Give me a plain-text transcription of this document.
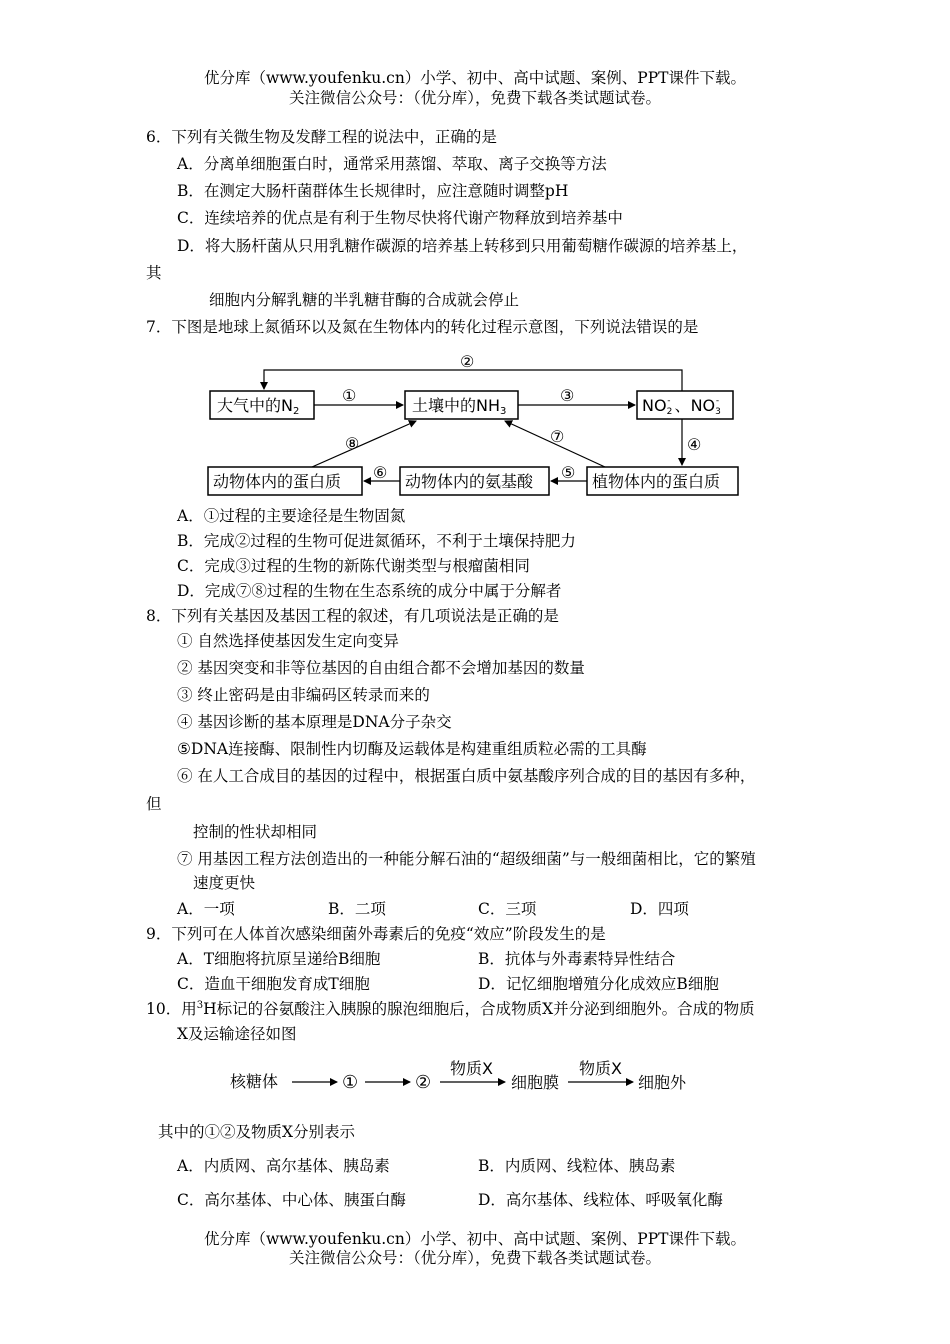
优分库（www.youfenku.cn）小学、初中、高中试题、案例、PPT课件下载。
关注微信公众号：（优分库），免费下载各类试题试卷。
6．下列有关微生物及发酵工程的说法中，正确的是
A．分离单细胞蛋白时，通常采用蒸馏、萃取、离子交换等方法
B．在测定大肠杆菌群体生长规律时，应注意随时调整pH
C．连续培养的优点是有利于生物尽快将代谢产物释放到培养基中
D．将大肠杆菌从只用乳糖作碳源的培养基上转移到只用葡萄糖作碳源的培养基上，
其
细胞内分解乳糖的半乳糖苷酶的合成就会停止
7．下图是地球上氮循环以及氮在生物体内的转化过程示意图，下列说法错误的是
大气中的N2	土壤中的NH3	NO2- 、NO3-
植物体内的蛋白质
动物体内的氨基酸
动物体内的蛋白质
②
①	③
④
⑤
⑥
⑦
⑧
A．①过程的主要途径是生物固氮
B．完成②过程的生物可促进氮循环，不利于土壤保持肥力
C．完成③过程的生物的新陈代谢类型与根瘤菌相同
D．完成⑦⑧过程的生物在生态系统的成分中属于分解者
8．下列有关基因及基因工程的叙述，有几项说法是正确的是
① 自然选择使基因发生定向变异
② 基因突变和非等位基因的自由组合都不会增加基因的数量
③ 终止密码是由非编码区转录而来的
④ 基因诊断的基本原理是DNA分子杂交
⑤DNA连接酶、限制性内切酶及运载体是构建重组质粒必需的工具酶
⑥ 在人工合成目的基因的过程中，根据蛋白质中氨基酸序列合成的目的基因有多种，
但
控制的性状却相同
⑦ 用基因工程方法创造出的一种能分解石油的“超级细菌”与一般细菌相比，它的繁殖
速度更快
A．一项	B．二项	C．三项	D．四项
9．下列可在人体首次感染细菌外毒素后的免疫“效应”阶段发生的是
A．T细胞将抗原呈递给B细胞	B．抗体与外毒素特异性结合
C．造血干细胞发育成T细胞	D．记忆细胞增殖分化成效应B细胞
10．用$^3$H标记的谷氨酸注入胰腺的腺泡细胞后，合成物质X并分泌到细胞外。合成的物质
X及运输途径如图
核糖体	①	②
物质X
细胞膜
物质X
细胞外
其中的①②及物质X分别表示
A．内质网、高尔基体、胰岛素	B．内质网、线粒体、胰岛素
C．高尔基体、中心体、胰蛋白酶	D．高尔基体、线粒体、呼吸氧化酶
优分库（www.youfenku.cn）小学、初中、高中试题、案例、PPT课件下载。
关注微信公众号：（优分库），免费下载各类试题试卷。
